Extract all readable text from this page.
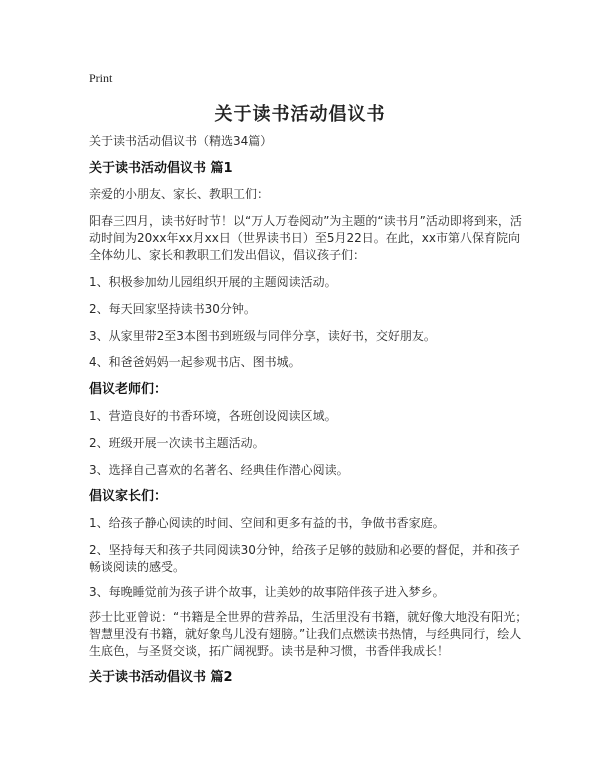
Print
关于读书活动倡议书
关于读书活动倡议书（精选34篇）
关于读书活动倡议书 篇1
亲爱的小朋友、家长、教职工们：
阳春三四月，读书好时节！以“万人万卷阅动”为主题的“读书月”活动即将到来，活动时间为20xx年xx月xx日（世界读书日）至5月22日。在此，xx市第八保育院向全体幼儿、家长和教职工们发出倡议，倡议孩子们：
1、积极参加幼儿园组织开展的主题阅读活动。
2、每天回家坚持读书30分钟。
3、从家里带2至3本图书到班级与同伴分享，读好书，交好朋友。
4、和爸爸妈妈一起参观书店、图书城。
倡议老师们：
1、营造良好的书香环境，各班创设阅读区域。
2、班级开展一次读书主题活动。
3、选择自己喜欢的名著名、经典佳作潜心阅读。
倡议家长们：
1、给孩子静心阅读的时间、空间和更多有益的书，争做书香家庭。
2、坚持每天和孩子共同阅读30分钟，给孩子足够的鼓励和必要的督促，并和孩子畅谈阅读的感受。
3、每晚睡觉前为孩子讲个故事，让美妙的故事陪伴孩子进入梦乡。
莎士比亚曾说：“书籍是全世界的营养品，生活里没有书籍，就好像大地没有阳光；智慧里没有书籍，就好象鸟儿没有翅膀。”让我们点燃读书热情，与经典同行，绘人生底色，与圣贤交谈，拓广阔视野。读书是种习惯，书香伴我成长！
关于读书活动倡议书 篇2
